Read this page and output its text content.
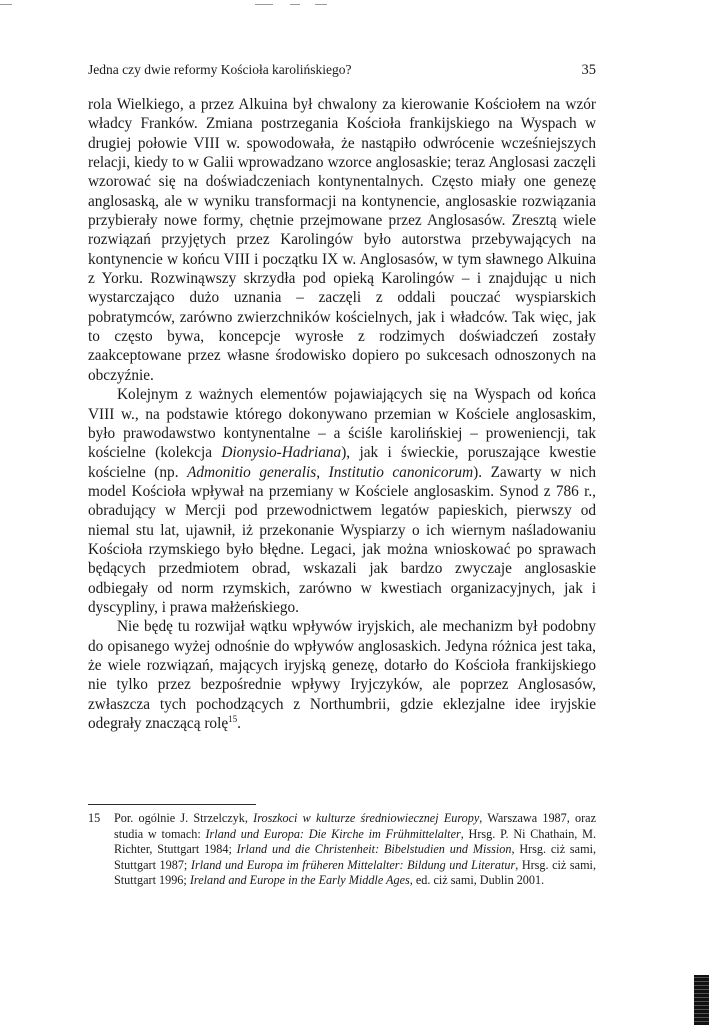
Jedna czy dwie reformy Kościoła karolińskiego?	35

rola Wielkiego, a przez Alkuina był chwalony za kierowanie Kościołem na wzór władcy Franków. Zmiana postrzegania Kościoła frankijskiego na Wyspach w drugiej połowie VIII w. spowodowała, że nastąpiło odwrócenie wcześniejszych relacji, kiedy to w Galii wprowadzano wzorce anglosaskie; teraz Anglosasi zaczęli wzorować się na doświadczeniach kontynentalnych. Często miały one genezę anglosaską, ale w wyniku transformacji na kontynencie, anglosaskie rozwiązania przybierały nowe formy, chętnie przejmowane przez Anglosasów. Zresztą wiele rozwiązań przyjętych przez Karolingów było autorstwa przebywających na kontynencie w końcu VIII i początku IX w. Anglosasów, w tym sławnego Alkuina z Yorku. Rozwinąwszy skrzydła pod opieką Karolingów – i znajdując u nich wystarczająco dużo uznania – zaczęli z oddali pouczać wyspiarskich pobratymców, zarówno zwierzchników kościelnych, jak i władców. Tak więc, jak to często bywa, koncepcje wyrosłe z rodzimych doświadczeń zostały zaakceptowane przez własne środowisko dopiero po sukcesach odnoszonych na obczyźnie.

Kolejnym z ważnych elementów pojawiających się na Wyspach od końca VIII w., na podstawie którego dokonywano przemian w Kościele anglosaskim, było prawodawstwo kontynentalne – a ściśle karolińskiej – proweniencji, tak kościelne (kolekcja Dionysio-Hadriana), jak i świeckie, poruszające kwestie kościelne (np. Admonitio generalis, Institutio canonicorum). Zawarty w nich model Kościoła wpływał na przemiany w Kościele anglosaskim. Synod z 786 r., obradujący w Mercji pod przewodnictwem legatów papieskich, pierwszy od niemal stu lat, ujawnił, iż przekonanie Wyspiarzy o ich wiernym naśladowaniu Kościoła rzymskiego było błędne. Legaci, jak można wnioskować po sprawach będących przedmiotem obrad, wskazali jak bardzo zwyczaje anglosaskie odbiegały od norm rzymskich, zarówno w kwestiach organizacyjnych, jak i dyscypliny, i prawa małżeńskiego.

Nie będę tu rozwijał wątku wpływów iryjskich, ale mechanizm był podobny do opisanego wyżej odnośnie do wpływów anglosaskich. Jedyna różnica jest taka, że wiele rozwiązań, mających iryjską genezę, dotarło do Kościoła frankijskiego nie tylko przez bezpośrednie wpływy Iryjczyków, ale poprzez Anglosasów, zwłaszcza tych pochodzących z Northumbrii, gdzie eklezjalne idee iryjskie odegrały znaczącą rolę$^{15}$.

15 Por. ogólnie J. Strzelczyk, Iroszkoci w kulturze średniowiecznej Europy, Warszawa 1987, oraz studia w tomach: Irland und Europa: Die Kirche im Frühmittelalter, Hrsg. P. Ni Chathain, M. Richter, Stuttgart 1984; Irland und die Christenheit: Bibelstudien und Mission, Hrsg. ciż sami, Stuttgart 1987; Irland und Europa im früheren Mittelalter: Bildung und Literatur, Hrsg. ciż sami, Stuttgart 1996; Ireland and Europe in the Early Middle Ages, ed. ciż sami, Dublin 2001.
